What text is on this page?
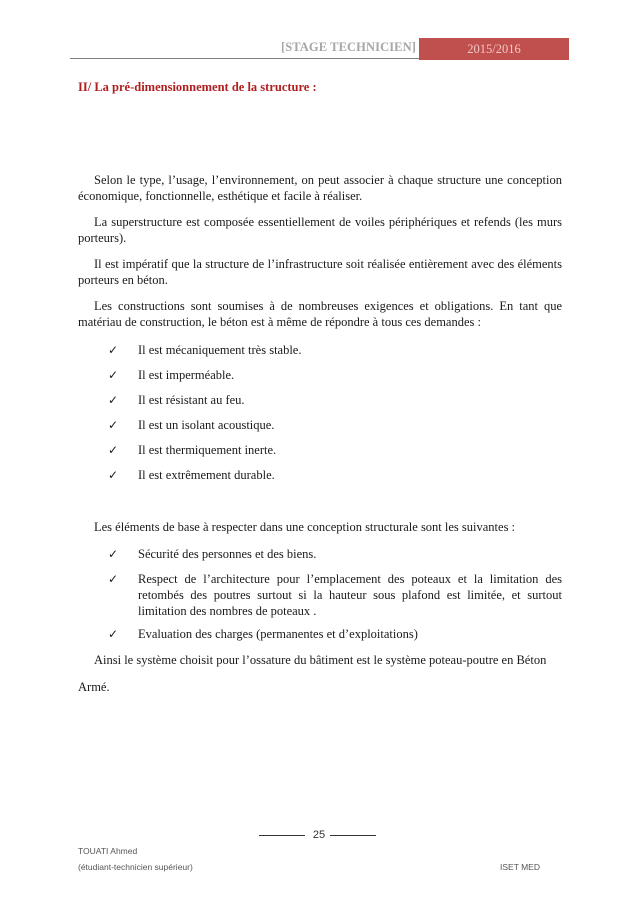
[STAGE TECHNICIEN]	2015/2016
II/ La pré-dimensionnement de la structure :

Selon le type, l’usage, l’environnement, on peut associer à chaque structure une conception économique, fonctionnelle, esthétique et facile à réaliser.

La superstructure est composée essentiellement de voiles périphériques et refends (les murs porteurs).

Il est impératif que la structure de l’infrastructure soit réalisée entièrement avec des éléments porteurs en béton.

Les constructions sont soumises à de nombreuses exigences et obligations. En tant que matériau de construction, le béton est à même de répondre à tous ces demandes :

✓ Il est mécaniquement très stable.
✓ Il est imperméable.
✓ Il est résistant au feu.
✓ Il est un isolant acoustique.
✓ Il est thermiquement inerte.
✓ Il est extrêmement durable.

Les éléments de base à respecter dans une conception structurale sont les suivantes :

✓ Sécurité des personnes et des biens.
✓ Respect de l’architecture pour l’emplacement des poteaux et la limitation des retombés des poutres surtout si la hauteur sous plafond est limitée, et surtout limitation des nombres de poteaux .
✓ Evaluation des charges (permanentes et d’exploitations)

Ainsi le système choisit pour l’ossature du bâtiment est le système poteau-poutre en Béton

Armé.
25
TOUATI Ahmed
(étudiant-technicien supérieur)	ISET MED
